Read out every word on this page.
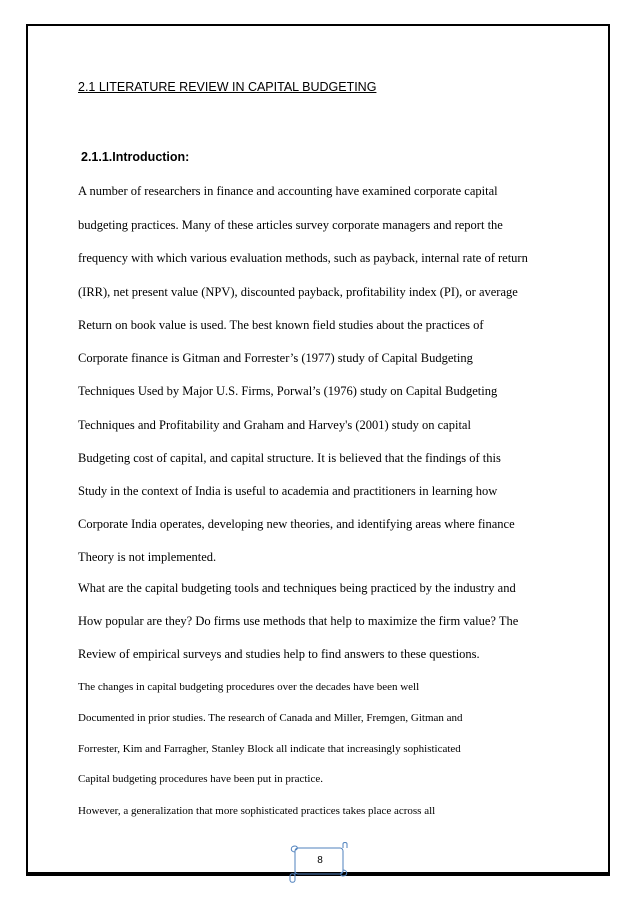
2.1 LITERATURE REVIEW IN CAPITAL BUDGETING
2.1.1.Introduction:
A number of researchers in finance and accounting have examined corporate capital
budgeting practices. Many of these articles survey corporate managers and report the
frequency with which various evaluation methods, such as payback, internal rate of return
(IRR), net present value (NPV), discounted payback, profitability index (PI), or average
Return on book value is used. The best known field studies about the practices of
Corporate finance is Gitman and Forrester’s (1977) study of Capital Budgeting
Techniques Used by Major U.S. Firms, Porwal’s (1976) study on Capital Budgeting
Techniques and Profitability and Graham and Harvey's (2001) study on capital
Budgeting cost of capital, and capital structure. It is believed that the findings of this
Study in the context of India is useful to academia and practitioners in learning how
Corporate India operates, developing new theories, and identifying areas where finance
Theory is not implemented.
What are the capital budgeting tools and techniques being practiced by the industry and
How popular are they? Do firms use methods that help to maximize the firm value? The
Review of empirical surveys and studies help to find answers to these questions.
The changes in capital budgeting procedures over the decades have been well
Documented in prior studies. The research of Canada and Miller, Fremgen, Gitman and
Forrester, Kim and Farragher, Stanley Block all indicate that increasingly sophisticated
Capital budgeting procedures have been put in practice.
However, a generalization that more sophisticated practices takes place across all
8
